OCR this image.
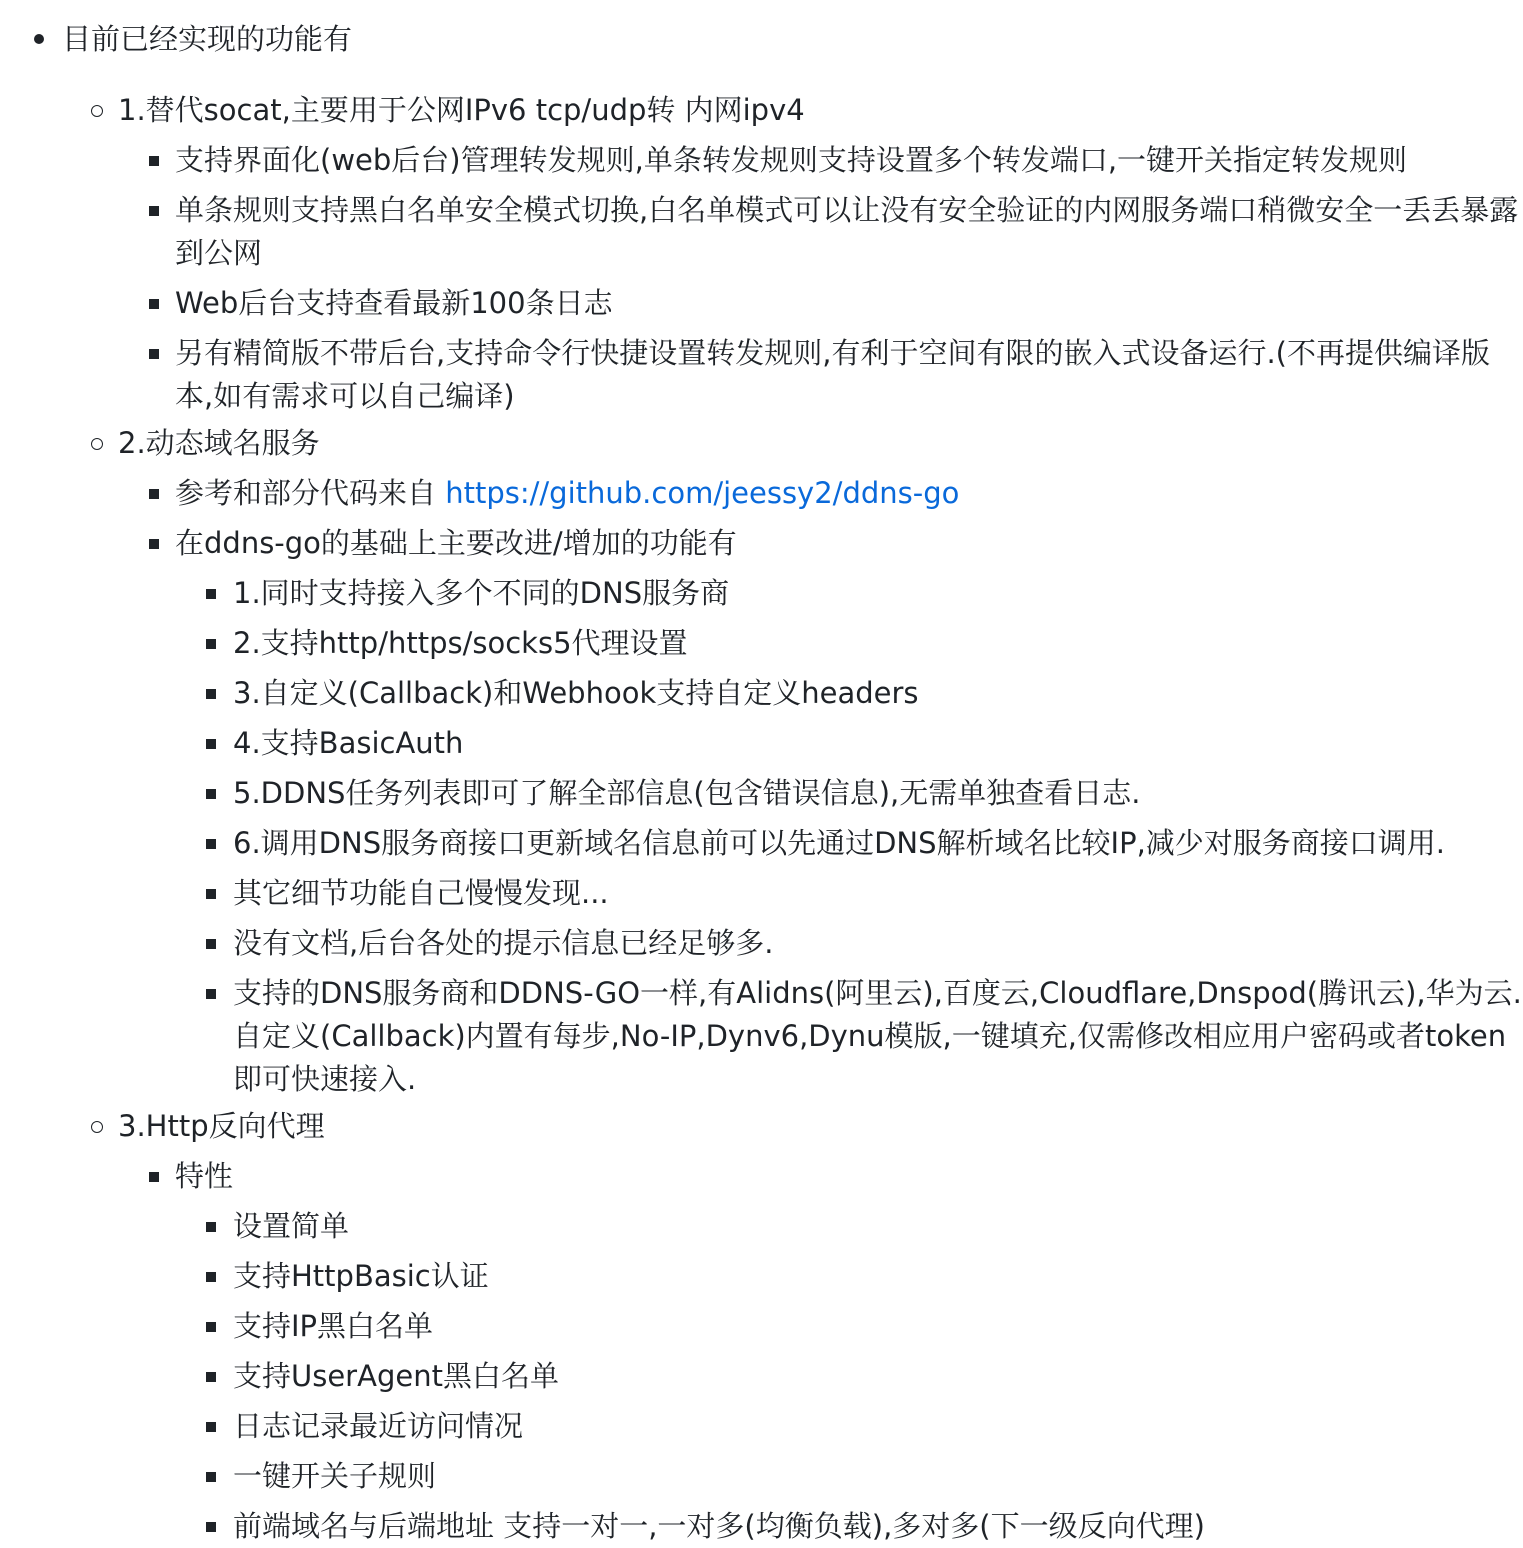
目前已经实现的功能有
1.替代socat,主要用于公网IPv6 tcp/udp转 内网ipv4
支持界面化(web后台)管理转发规则,单条转发规则支持设置多个转发端口,一键开关指定转发规则
单条规则支持黑白名单安全模式切换,白名单模式可以让没有安全验证的内网服务端口稍微安全一丢丢暴露到公网
Web后台支持查看最新100条日志
另有精简版不带后台,支持命令行快捷设置转发规则,有利于空间有限的嵌入式设备运行.(不再提供编译版本,如有需求可以自己编译)
2.动态域名服务
参考和部分代码来自 https://github.com/jeessy2/ddns-go
在ddns-go的基础上主要改进/增加的功能有
1.同时支持接入多个不同的DNS服务商
2.支持http/https/socks5代理设置
3.自定义(Callback)和Webhook支持自定义headers
4.支持BasicAuth
5.DDNS任务列表即可了解全部信息(包含错误信息),无需单独查看日志.
6.调用DNS服务商接口更新域名信息前可以先通过DNS解析域名比较IP,减少对服务商接口调用.
其它细节功能自己慢慢发现...
没有文档,后台各处的提示信息已经足够多.
支持的DNS服务商和DDNS-GO一样,有Alidns(阿里云),百度云,Cloudflare,Dnspod(腾讯云),华为云.自定义(Callback)内置有每步,No-IP,Dynv6,Dynu模版,一键填充,仅需修改相应用户密码或者token即可快速接入.
3.Http反向代理
特性
设置简单
支持HttpBasic认证
支持IP黑白名单
支持UserAgent黑白名单
日志记录最近访问情况
一键开关子规则
前端域名与后端地址 支持一对一,一对多(均衡负载),多对多(下一级反向代理)
